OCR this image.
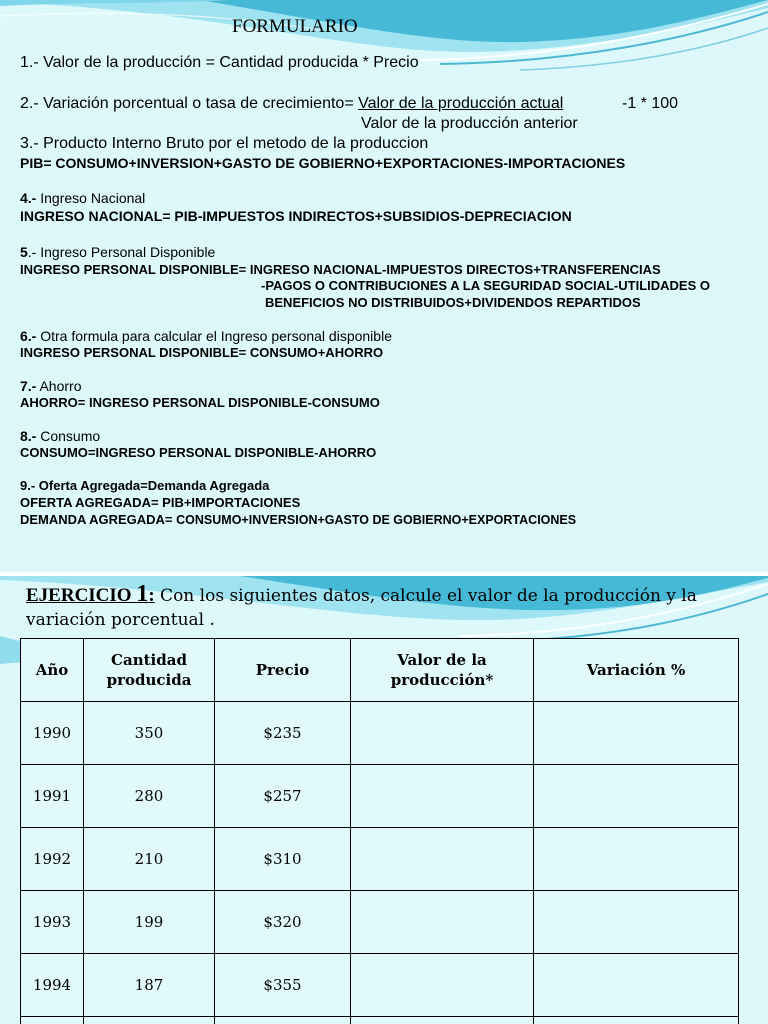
FORMULARIO
1.- Valor de la producción = Cantidad producida * Precio
2.- Variación porcentual o tasa de crecimiento= Valor de la producción actual	-1 * 100
Valor de la producción anterior
3.- Producto Interno Bruto por el metodo de la produccion
PIB= CONSUMO+INVERSION+GASTO DE GOBIERNO+EXPORTACIONES-IMPORTACIONES
4.- Ingreso Nacional
INGRESO NACIONAL= PIB-IMPUESTOS INDIRECTOS+SUBSIDIOS-DEPRECIACION
5.- Ingreso Personal Disponible
INGRESO PERSONAL DISPONIBLE= INGRESO NACIONAL-IMPUESTOS DIRECTOS+TRANSFERENCIAS
-PAGOS O CONTRIBUCIONES A LA SEGURIDAD SOCIAL-UTILIDADES O
BENEFICIOS NO DISTRIBUIDOS+DIVIDENDOS REPARTIDOS
6.- Otra formula para calcular el Ingreso personal disponible
INGRESO PERSONAL DISPONIBLE= CONSUMO+AHORRO
7.- Ahorro
AHORRO= INGRESO PERSONAL DISPONIBLE-CONSUMO
8.- Consumo
CONSUMO=INGRESO PERSONAL DISPONIBLE-AHORRO
9.- Oferta Agregada=Demanda Agregada
OFERTA AGREGADA= PIB+IMPORTACIONES
DEMANDA AGREGADA= CONSUMO+INVERSION+GASTO DE GOBIERNO+EXPORTACIONES
EJERCICIO 1: Con los siguientes datos, calcule el valor de la producción y la variación porcentual .
Año	Cantidad producida	Precio	Valor de la producción*	Variación %
1990	350	$235		
1991	280	$257		
1992	210	$310		
1993	199	$320		
1994	187	$355		
